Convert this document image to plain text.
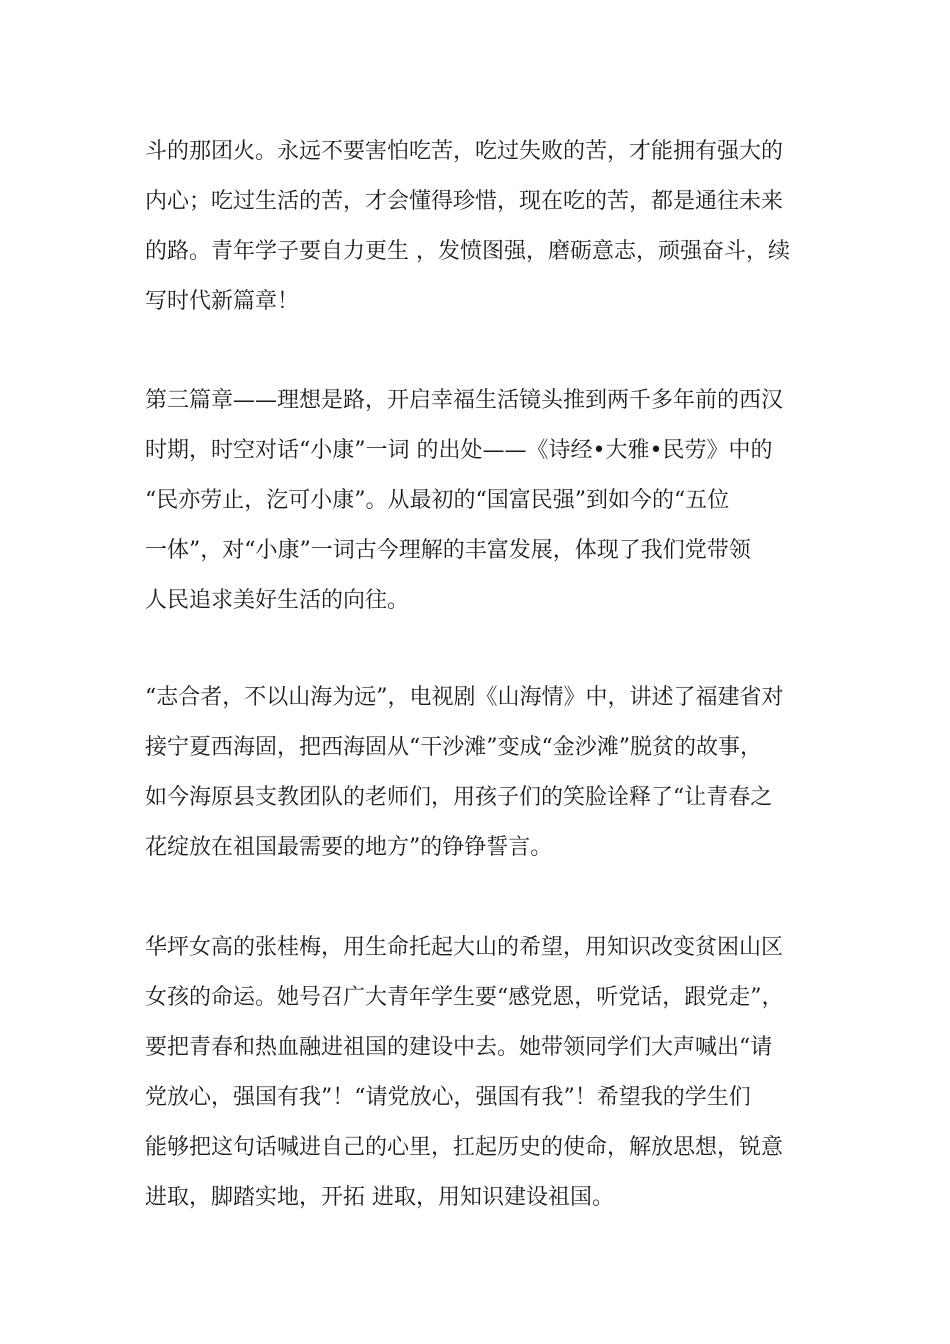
斗的那团火。永远不要害怕吃苦，吃过失败的苦，才能拥有强大的
内心；吃过生活的苦，才会懂得珍惜，现在吃的苦，都是通往未来
的路。青年学子要自力更生 ，发愤图强，磨砺意志，顽强奋斗，续
写时代新篇章！
第三篇章——理想是路，开启幸福生活镜头推到两千多年前的西汉
时期，时空对话“小康”一词 的出处——《诗经•大雅•民劳》中的
“民亦劳止，汔可小康”。从最初的“国富民强”到如今的“五位
一体”，对“小康”一词古今理解的丰富发展，体现了我们党带领
人民追求美好生活的向往。
“志合者，不以山海为远”，电视剧《山海情》中，讲述了福建省对
接宁夏西海固，把西海固从“干沙滩”变成“金沙滩”脱贫的故事，
如今海原县支教团队的老师们，用孩子们的笑脸诠释了“让青春之
花绽放在祖国最需要的地方”的铮铮誓言。
华坪女高的张桂梅，用生命托起大山的希望，用知识改变贫困山区
女孩的命运。她号召广大青年学生要“感党恩，听党话，跟党走”，
要把青春和热血融进祖国的建设中去。她带领同学们大声喊出“请
党放心，强国有我”！“请党放心，强国有我”！希望我的学生们
能够把这句话喊进自己的心里，扛起历史的使命，解放思想，锐意
进取，脚踏实地，开拓 进取，用知识建设祖国。
